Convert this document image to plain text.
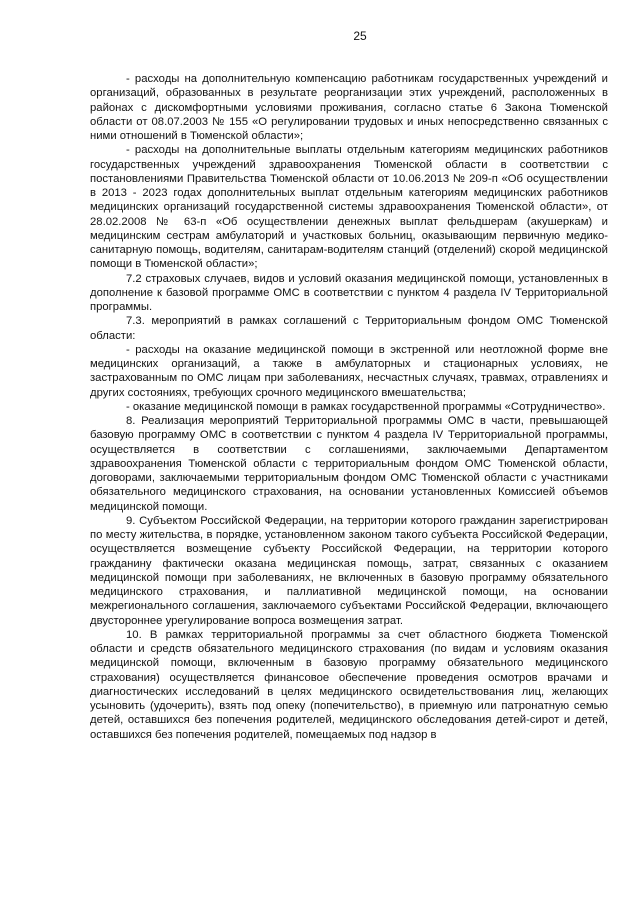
25

- расходы на дополнительную компенсацию работникам государственных учреждений и организаций, образованных в результате реорганизации этих учреждений, расположенных в районах с дискомфортными условиями проживания, согласно статье 6 Закона Тюменской области от 08.07.2003 № 155 «О регулировании трудовых и иных непосредственно связанных с ними отношений в Тюменской области»;

- расходы на дополнительные выплаты отдельным категориям медицинских работников государственных учреждений здравоохранения Тюменской области в соответствии с постановлениями Правительства Тюменской области от 10.06.2013 № 209-п «Об осуществлении в 2013 - 2023 годах дополнительных выплат отдельным категориям медицинских работников медицинских организаций государственной системы здравоохранения Тюменской области», от 28.02.2008 № 63-п «Об осуществлении денежных выплат фельдшерам (акушеркам) и медицинским сестрам амбулаторий и участковых больниц, оказывающим первичную медико-санитарную помощь, водителям, санитарам-водителям станций (отделений) скорой медицинской помощи в Тюменской области»;

7.2 страховых случаев, видов и условий оказания медицинской помощи, установленных в дополнение к базовой программе ОМС в соответствии с пунктом 4 раздела IV Территориальной программы.

7.3. мероприятий в рамках соглашений с Территориальным фондом ОМС Тюменской области:

- расходы на оказание медицинской помощи в экстренной или неотложной форме вне медицинских организаций, а также в амбулаторных и стационарных условиях, не застрахованным по ОМС лицам при заболеваниях, несчастных случаях, травмах, отравлениях и других состояниях, требующих срочного медицинского вмешательства;

- оказание медицинской помощи в рамках государственной программы «Сотрудничество».

8. Реализация мероприятий Территориальной программы ОМС в части, превышающей базовую программу ОМС в соответствии с пунктом 4 раздела IV Территориальной программы, осуществляется в соответствии с соглашениями, заключаемыми Департаментом здравоохранения Тюменской области с территориальным фондом ОМС Тюменской области, договорами, заключаемыми территориальным фондом ОМС Тюменской области с участниками обязательного медицинского страхования, на основании установленных Комиссией объемов медицинской помощи.

9. Субъектом Российской Федерации, на территории которого гражданин зарегистрирован по месту жительства, в порядке, установленном законом такого субъекта Российской Федерации, осуществляется возмещение субъекту Российской Федерации, на территории которого гражданину фактически оказана медицинская помощь, затрат, связанных с оказанием медицинской помощи при заболеваниях, не включенных в базовую программу обязательного медицинского страхования, и паллиативной медицинской помощи, на основании межрегионального соглашения, заключаемого субъектами Российской Федерации, включающего двустороннее урегулирование вопроса возмещения затрат.

10. В рамках территориальной программы за счет областного бюджета Тюменской области и средств обязательного медицинского страхования (по видам и условиям оказания медицинской помощи, включенным в базовую программу обязательного медицинского страхования) осуществляется финансовое обеспечение проведения осмотров врачами и диагностических исследований в целях медицинского освидетельствования лиц, желающих усыновить (удочерить), взять под опеку (попечительство), в приемную или патронатную семью детей, оставшихся без попечения родителей, медицинского обследования детей-сирот и детей, оставшихся без попечения родителей, помещаемых под надзор в
